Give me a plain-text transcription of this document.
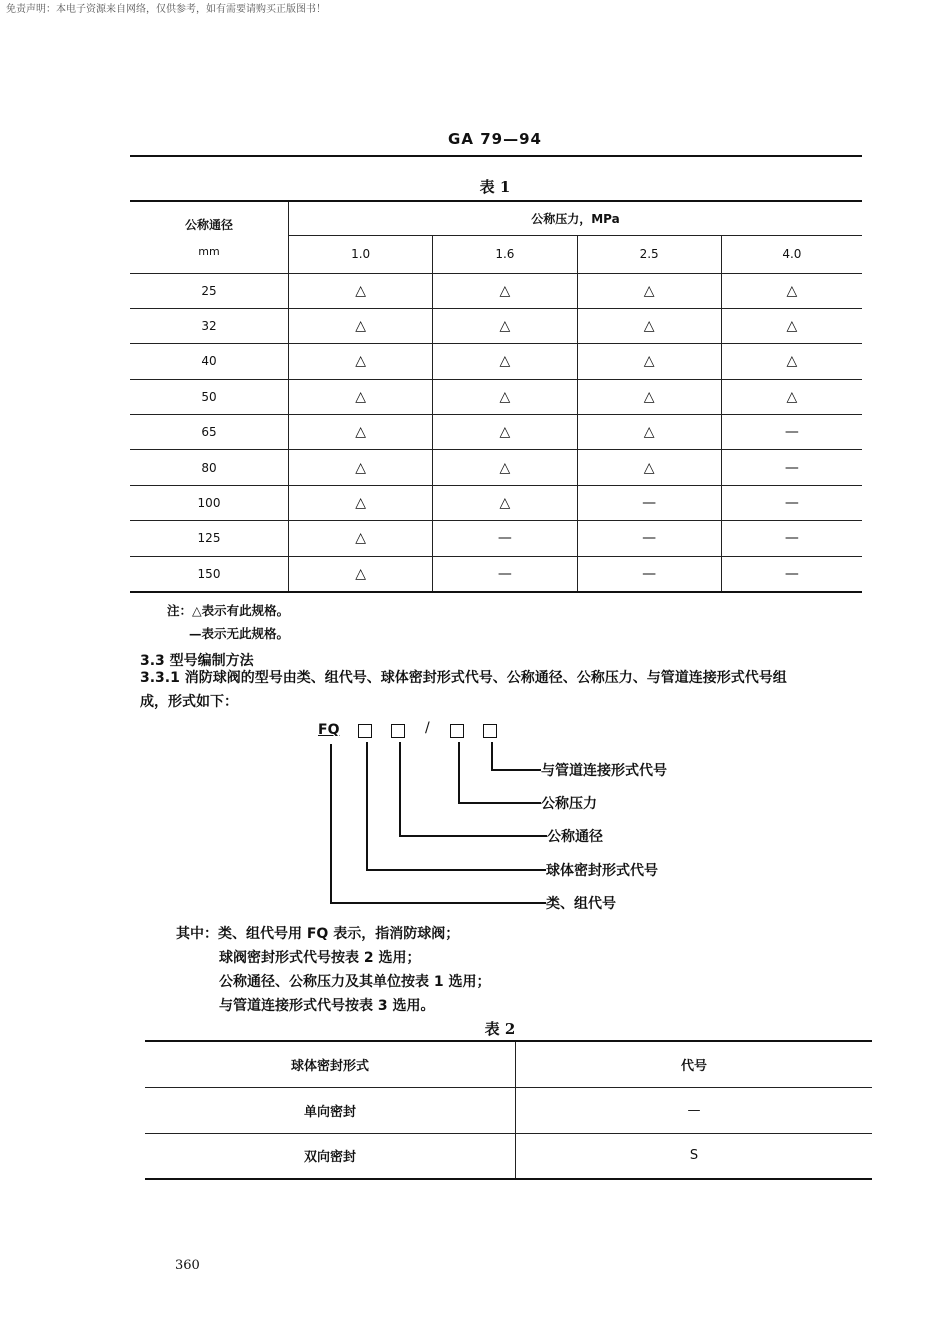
免责声明：本电子资源来自网络，仅供参考，如有需要请购买正版图书！
GA 79—94
表 1
公称通径
mm	公称压力，MPa			
	1.0	1.6	2.5	4.0
25	△	△	△	△
32	△	△	△	△
40	△	△	△	△
50	△	△	△	△
65	△	△	△	—
80	△	△	△	—
100	△	△	—	—
125	△	—	—	—
150	△	—	—	—
注：△表示有此规格。
—表示无此规格。
3.3 型号编制方法
3.3.1 消防球阀的型号由类、组代号、球体密封形式代号、公称通径、公称压力、与管道连接形式代号组
成，形式如下：
FQ	/
与管道连接形式代号
公称压力
公称通径
球体密封形式代号
类、组代号
其中：类、组代号用 FQ 表示，指消防球阀；
球阀密封形式代号按表 2 选用；
公称通径、公称压力及其单位按表 1 选用；
与管道连接形式代号按表 3 选用。
表 2
球体密封形式	代号
单向密封	—
双向密封	S
360
